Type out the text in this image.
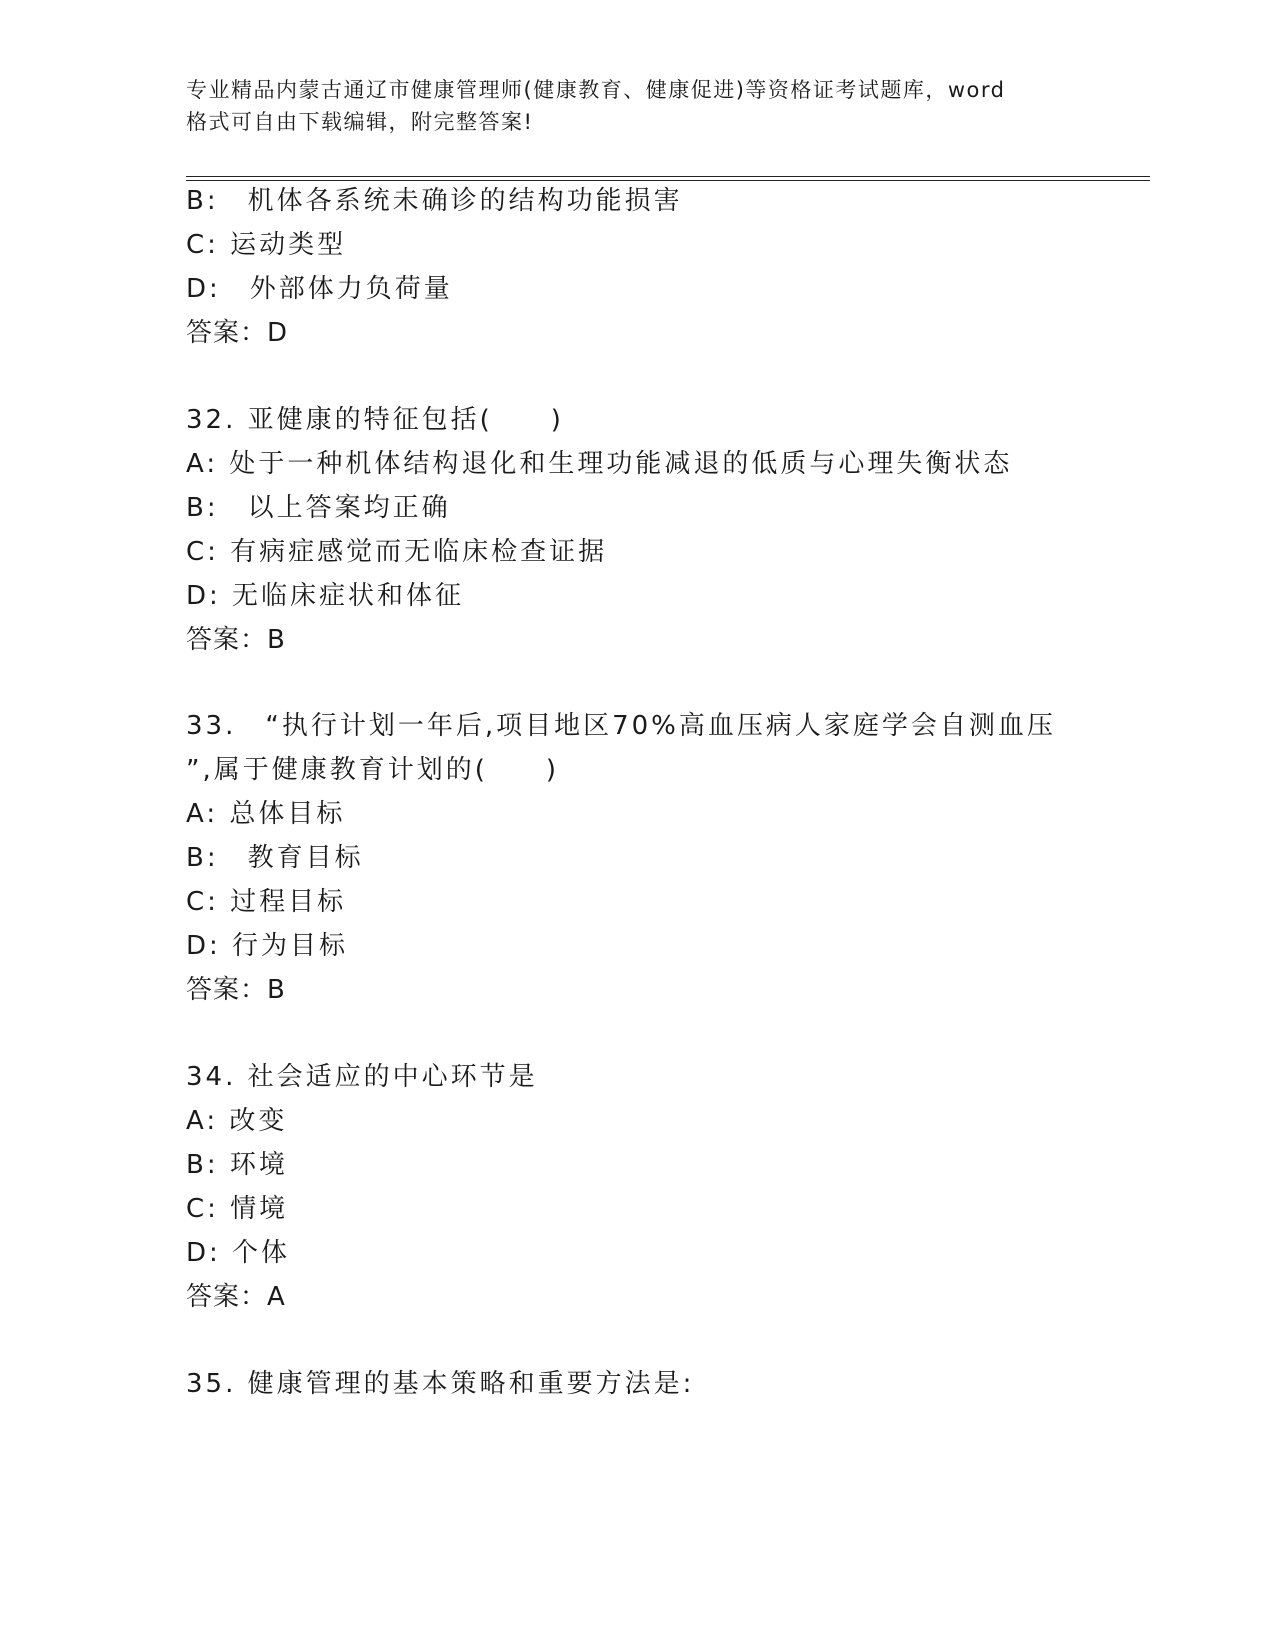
专业精品内蒙古通辽市健康管理师(健康教育、健康促进)等资格证考试题库，word
格式可自由下载编辑，附完整答案!
B:　机体各系统未确诊的结构功能损害
C: 运动类型
D:　外部体力负荷量
答案：D
32. 亚健康的特征包括(　　)
A: 处于一种机体结构退化和生理功能减退的低质与心理失衡状态
B:　以上答案均正确
C: 有病症感觉而无临床检查证据
D: 无临床症状和体征
答案：B
33.　“执行计划一年后,项目地区70%高血压病人家庭学会自测血压
”,属于健康教育计划的(　　)
A: 总体目标
B:　教育目标
C: 过程目标
D: 行为目标
答案：B
34. 社会适应的中心环节是
A: 改变
B: 环境
C: 情境
D: 个体
答案：A
35. 健康管理的基本策略和重要方法是:
